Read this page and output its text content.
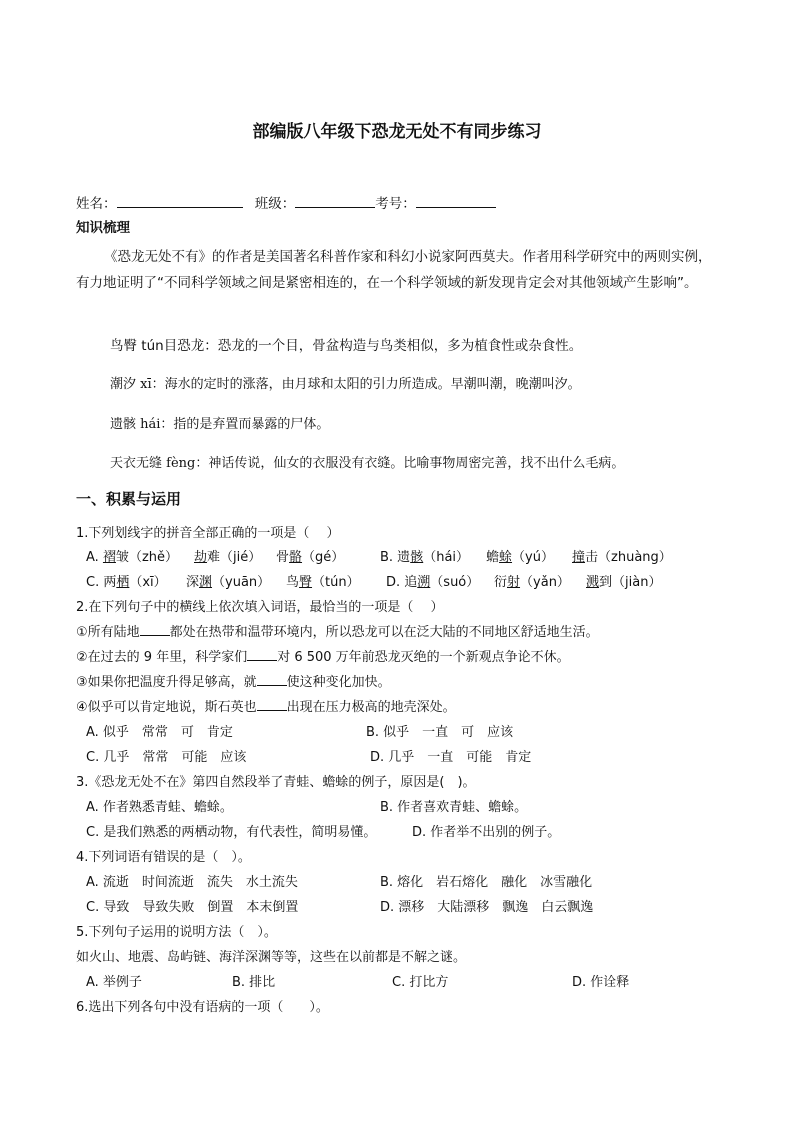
部编版八年级下恐龙无处不有同步练习
姓名：	班级：	考号：
知识梳理
《恐龙无处不有》的作者是美国著名科普作家和科幻小说家阿西莫夫。作者用科学研究中的两则实例，有力地证明了“不同科学领域之间是紧密相连的，在一个科学领域的新发现肯定会对其他领域产生影响”。
鸟臀 tún目恐龙：恐龙的一个目，骨盆构造与鸟类相似，多为植食性或杂食性。
潮汐 xī：海水的定时的涨落，由月球和太阳的引力所造成。早潮叫潮，晚潮叫汐。
遗骸 hái：指的是弃置而暴露的尸体。
天衣无缝 fèng：神话传说，仙女的衣服没有衣缝。比喻事物周密完善，找不出什么毛病。
一、积累与运用
1.下列划线字的拼音全部正确的一项是（　 ）
A. 褶皱（zhě） 劫难（jié） 骨骼（gé）	B. 遗骸（hái） 蟾蜍（yú） 撞击（zhuàng）
C. 两栖（xī） 深渊（yuān） 鸟臀（tún） D. 追溯（suó） 衍射（yǎn） 溅到（jiàn）
2.在下列句子中的横线上依次填入词语，最恰当的一项是（　 ）
①所有陆地 都处在热带和温带环境内，所以恐龙可以在泛大陆的不同地区舒适地生活。
②在过去的 9 年里，科学家们 对 6 500 万年前恐龙灭绝的一个新观点争论不休。
③如果你把温度升得足够高，就 使这种变化加快。
④似乎可以肯定地说，斯石英也 出现在压力极高的地壳深处。
A. 似乎　常常　可　肯定	B. 似乎　一直　可　应该
C. 几乎　常常　可能　应该	D. 几乎　一直　可能　肯定
3.《恐龙无处不在》第四自然段举了青蛙、蟾蜍的例子，原因是(　)。
A. 作者熟悉青蛙、蟾蜍。	B. 作者喜欢青蛙、蟾蜍。
C. 是我们熟悉的两栖动物，有代表性，简明易懂。	D. 作者举不出别的例子。
4.下列词语有错误的是（　）。
A. 流逝　时间流逝　流失　水土流失	B. 熔化　岩石熔化　融化　冰雪融化
C. 导致　导致失败　倒置　本末倒置	D. 漂移　大陆漂移　飘逸　白云飘逸
5.下列句子运用的说明方法（　）。
如火山、地震、岛屿链、海洋深渊等等，这些在以前都是不解之谜。
A. 举例子	B. 排比	C. 打比方	D. 作诠释
6.选出下列各句中没有语病的一项（　　）。
